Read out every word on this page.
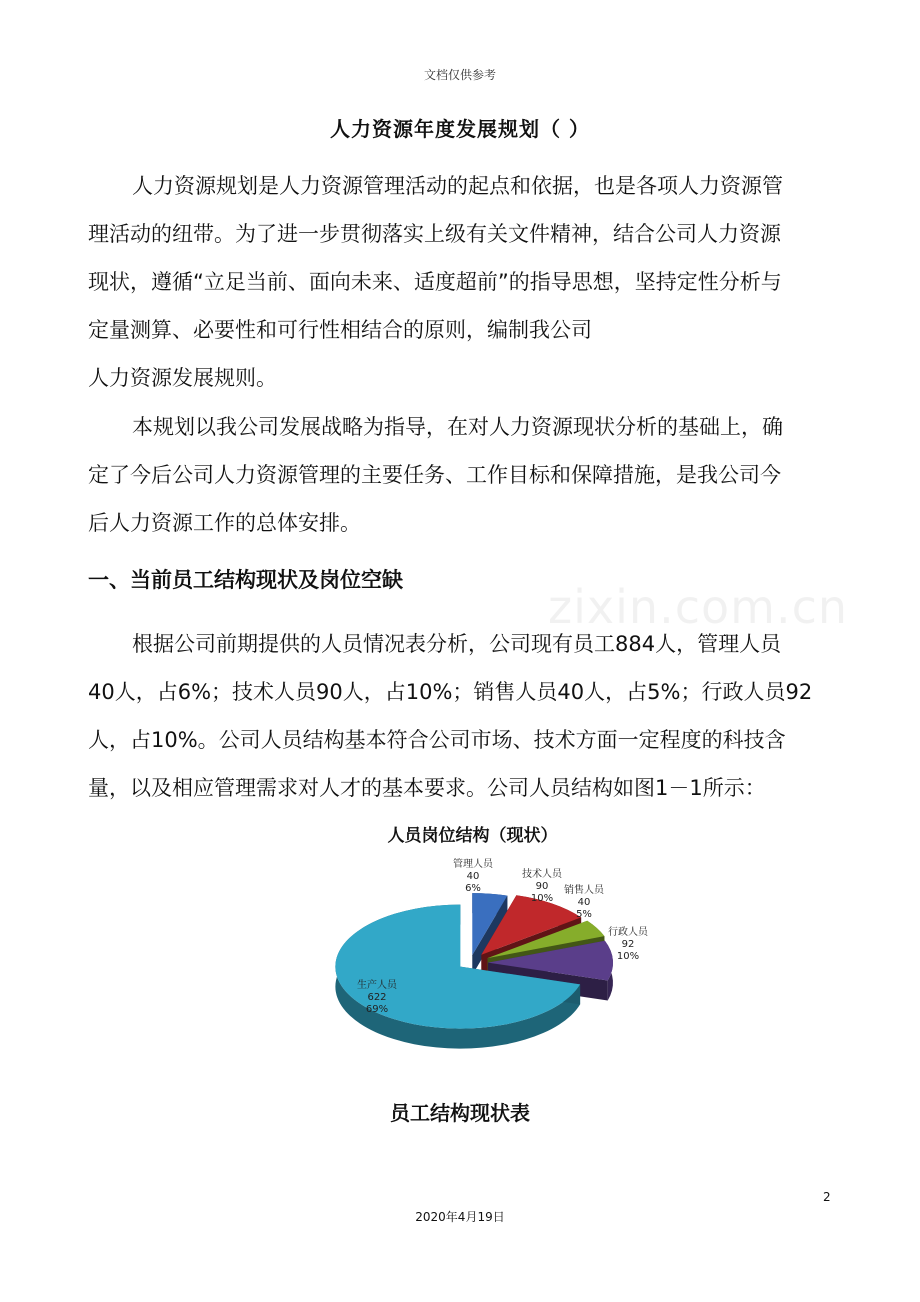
文档仅供参考
人力资源年度发展规划（ ）
人力资源规划是人力资源管理活动的起点和依据，也是各项人力资源管
理活动的纽带。为了进一步贯彻落实上级有关文件精神，结合公司人力资源
现状，遵循“立足当前、面向未来、适度超前”的指导思想，坚持定性分析与
定量测算、必要性和可行性相结合的原则，编制我公司
人力资源发展规则。
本规划以我公司发展战略为指导，在对人力资源现状分析的基础上，确
定了今后公司人力资源管理的主要任务、工作目标和保障措施，是我公司今
后人力资源工作的总体安排。
一、当前员工结构现状及岗位空缺	zixin.com.cn
根据公司前期提供的人员情况表分析，公司现有员工884人，管理人员
40人，占6%；技术人员90人，占10%；销售人员40人，占5%；行政人员92
人，占10%。公司人员结构基本符合公司市场、技术方面一定程度的科技含
量，以及相应管理需求对人才的基本要求。公司人员结构如图1－1所示：
人员岗位结构（现状）
管理人员
40
6%
技术人员
90
10%
销售人员
40
5%
行政人员
92
10%
生产人员
622
69%
员工结构现状表
2
2020年4月19日
